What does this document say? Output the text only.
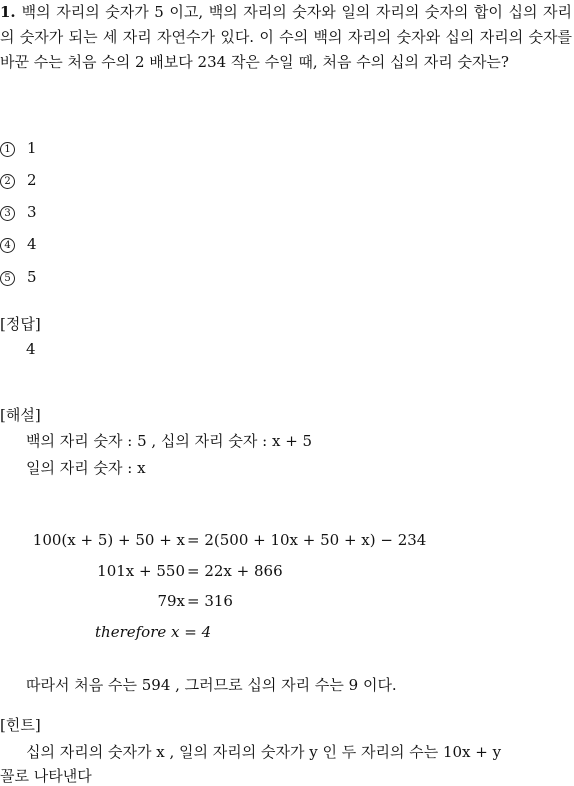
1. 백의 자리의 숫자가 5 이고, 백의 자리의 숫자와 일의 자리의 숫자의 합이 십의 자리의 숫자가 되는 세 자리 자연수가 있다. 이 수의 백의 자리의 숫자와 십의 자리의 숫자를 바꾼 수는 처음 수의 2 배보다 234 작은 수일 때, 처음 수의 십의 자리 숫자는?
1 1
2 2
3 3
4 4
5 5
[정답]
4
[해설]
백의 자리 숫자 : 5 , 십의 자리 숫자 : x + 5
일의 자리 숫자 : x
100(x + 5) + 50 + x = 2(500 + 10x + 50 + x) − 234
101x + 550 = 22x + 866
79x = 316
therefore x = 4
따라서 처음 수는 594 , 그러므로 십의 자리 수는 9 이다.
[힌트]
십의 자리의 숫자가 x , 일의 자리의 숫자가 y 인 두 자리의 수는 10x + y
꼴로 나타낸다
